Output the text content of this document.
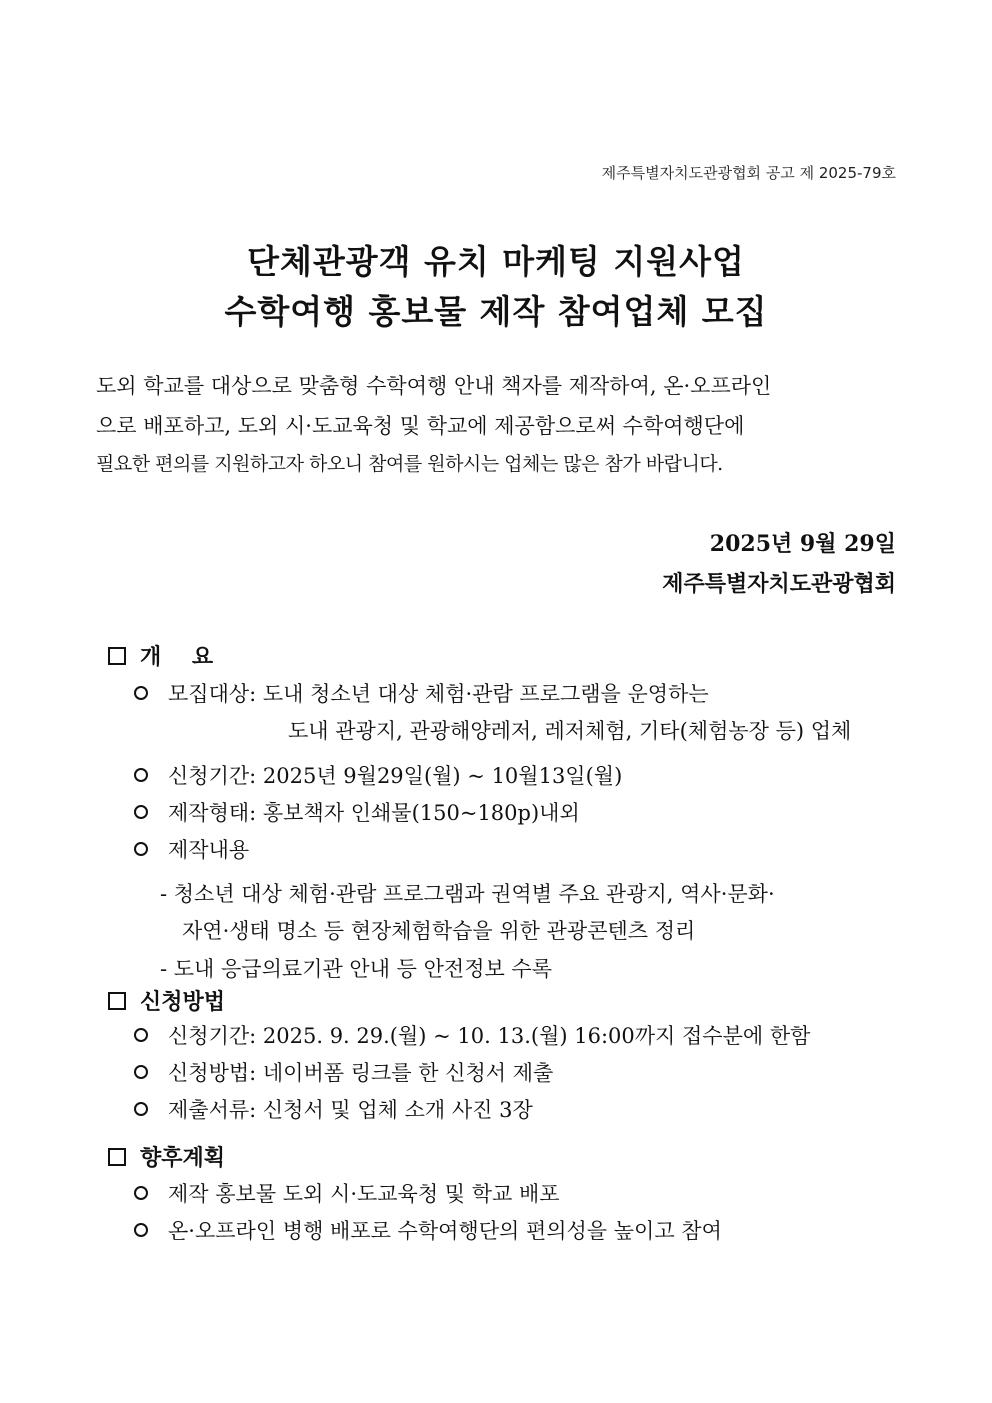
제주특별자치도관광협회 공고 제 2025-79호
단체관광객 유치 마케팅 지원사업
수학여행 홍보물 제작 참여업체 모집
도외 학교를 대상으로 맞춤형 수학여행 안내 책자를 제작하여, 온·오프라인
으로 배포하고, 도외 시·도교육청 및 학교에 제공함으로써 수학여행단에
필요한 편의를 지원하고자 하오니 참여를 원하시는 업체는 많은 참가 바랍니다.
2025년 9월 29일
제주특별자치도관광협회
개    요
모집대상: 도내 청소년 대상 체험·관람 프로그램을 운영하는
도내 관광지, 관광해양레저, 레저체험, 기타(체험농장 등) 업체
신청기간: 2025년 9월29일(월) ~ 10월13일(월)
제작형태: 홍보책자 인쇄물(150~180p)내외
제작내용
- 청소년 대상 체험·관람 프로그램과 권역별 주요 관광지, 역사·문화·
자연·생태 명소 등 현장체험학습을 위한 관광콘텐츠 정리
- 도내 응급의료기관 안내 등 안전정보 수록
신청방법
신청기간: 2025. 9. 29.(월) ~ 10. 13.(월) 16:00까지 접수분에 한함
신청방법: 네이버폼 링크를 한 신청서 제출
제출서류: 신청서 및 업체 소개 사진 3장
향후계획
제작 홍보물 도외 시·도교육청 및 학교 배포
온·오프라인 병행 배포로 수학여행단의 편의성을 높이고 참여
